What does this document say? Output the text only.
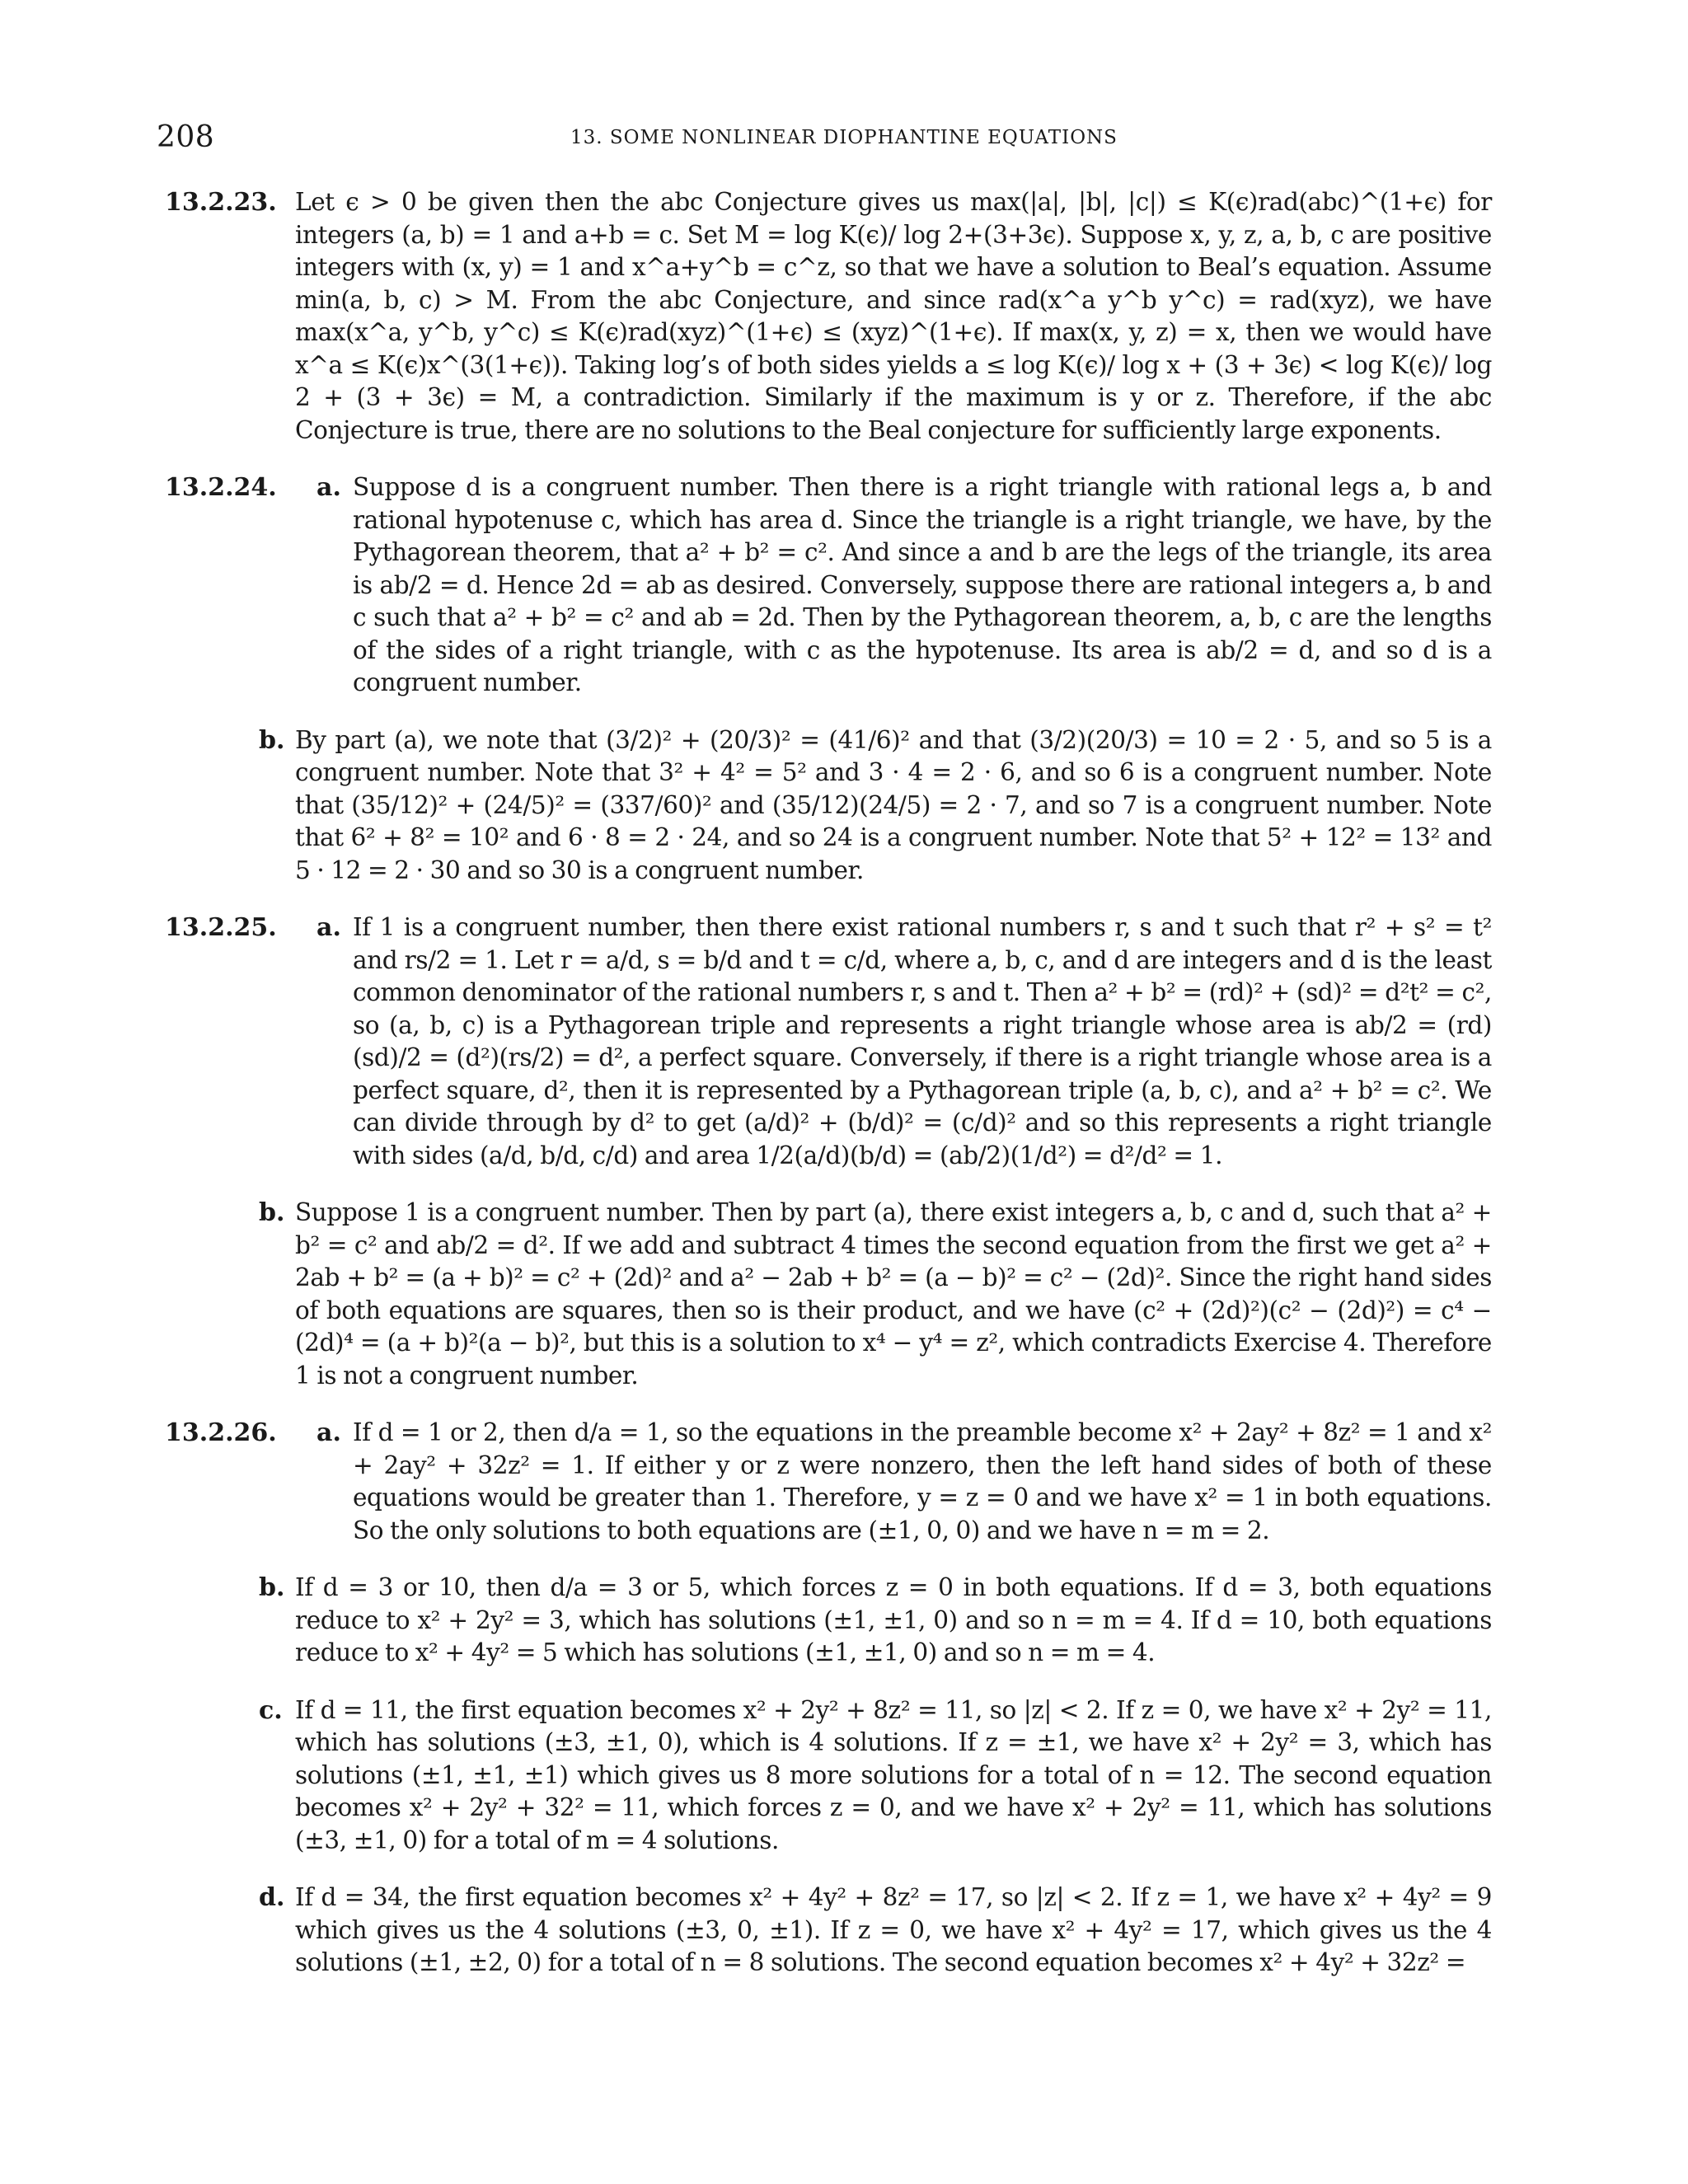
208	13. SOME NONLINEAR DIOPHANTINE EQUATIONS
13.2.23. Let ϵ > 0 be given then the abc Conjecture gives us max(|a|, |b|, |c|) ≤ K(ϵ)rad(abc)^(1+ϵ) for integers (a, b) = 1 and a+b = c. Set M = log K(ϵ)/ log 2+(3+3ϵ). Suppose x, y, z, a, b, c are positive integers with (x, y) = 1 and x^a+y^b = c^z, so that we have a solution to Beal’s equation. Assume min(a, b, c) > M. From the abc Conjecture, and since rad(x^a y^b y^c) = rad(xyz), we have max(x^a, y^b, y^c) ≤ K(ϵ)rad(xyz)^(1+ϵ) ≤ (xyz)^(1+ϵ). If max(x, y, z) = x, then we would have x^a ≤ K(ϵ)x^(3(1+ϵ)). Taking log’s of both sides yields a ≤ log K(ϵ)/ log x + (3 + 3ϵ) < log K(ϵ)/ log 2 + (3 + 3ϵ) = M, a contradiction. Similarly if the maximum is y or z. Therefore, if the abc Conjecture is true, there are no solutions to the Beal conjecture for sufficiently large exponents.

13.2.24.	a. Suppose d is a congruent number. Then there is a right triangle with rational legs a, b and rational hypotenuse c, which has area d. Since the triangle is a right triangle, we have, by the Pythagorean theorem, that a² + b² = c². And since a and b are the legs of the triangle, its area is ab/2 = d. Hence 2d = ab as desired. Conversely, suppose there are rational integers a, b and c such that a² + b² = c² and ab = 2d. Then by the Pythagorean theorem, a, b, c are the lengths of the sides of a right triangle, with c as the hypotenuse. Its area is ab/2 = d, and so d is a congruent number.

b. By part (a), we note that (3/2)² + (20/3)² = (41/6)² and that (3/2)(20/3) = 10 = 2 · 5, and so 5 is a congruent number. Note that 3² + 4² = 5² and 3 · 4 = 2 · 6, and so 6 is a congruent number. Note that (35/12)² + (24/5)² = (337/60)² and (35/12)(24/5) = 2 · 7, and so 7 is a congruent number. Note that 6² + 8² = 10² and 6 · 8 = 2 · 24, and so 24 is a congruent number. Note that 5² + 12² = 13² and 5 · 12 = 2 · 30 and so 30 is a congruent number.

13.2.25.	a. If 1 is a congruent number, then there exist rational numbers r, s and t such that r² + s² = t² and rs/2 = 1. Let r = a/d, s = b/d and t = c/d, where a, b, c, and d are integers and d is the least common denominator of the rational numbers r, s and t. Then a² + b² = (rd)² + (sd)² = d²t² = c², so (a, b, c) is a Pythagorean triple and represents a right triangle whose area is ab/2 = (rd)(sd)/2 = (d²)(rs/2) = d², a perfect square. Conversely, if there is a right triangle whose area is a perfect square, d², then it is represented by a Pythagorean triple (a, b, c), and a² + b² = c². We can divide through by d² to get (a/d)² + (b/d)² = (c/d)² and so this represents a right triangle with sides (a/d, b/d, c/d) and area 1/2(a/d)(b/d) = (ab/2)(1/d²) = d²/d² = 1.

b. Suppose 1 is a congruent number. Then by part (a), there exist integers a, b, c and d, such that a² + b² = c² and ab/2 = d². If we add and subtract 4 times the second equation from the first we get a² + 2ab + b² = (a + b)² = c² + (2d)² and a² − 2ab + b² = (a − b)² = c² − (2d)². Since the right hand sides of both equations are squares, then so is their product, and we have (c² + (2d)²)(c² − (2d)²) = c⁴ − (2d)⁴ = (a + b)²(a − b)², but this is a solution to x⁴ − y⁴ = z², which contradicts Exercise 4. Therefore 1 is not a congruent number.

13.2.26.	a. If d = 1 or 2, then d/a = 1, so the equations in the preamble become x² + 2ay² + 8z² = 1 and x² + 2ay² + 32z² = 1. If either y or z were nonzero, then the left hand sides of both of these equations would be greater than 1. Therefore, y = z = 0 and we have x² = 1 in both equations. So the only solutions to both equations are (±1, 0, 0) and we have n = m = 2.

b. If d = 3 or 10, then d/a = 3 or 5, which forces z = 0 in both equations. If d = 3, both equations reduce to x² + 2y² = 3, which has solutions (±1, ±1, 0) and so n = m = 4. If d = 10, both equations reduce to x² + 4y² = 5 which has solutions (±1, ±1, 0) and so n = m = 4.

c. If d = 11, the first equation becomes x² + 2y² + 8z² = 11, so |z| < 2. If z = 0, we have x² + 2y² = 11, which has solutions (±3, ±1, 0), which is 4 solutions. If z = ±1, we have x² + 2y² = 3, which has solutions (±1, ±1, ±1) which gives us 8 more solutions for a total of n = 12. The second equation becomes x² + 2y² + 32² = 11, which forces z = 0, and we have x² + 2y² = 11, which has solutions (±3, ±1, 0) for a total of m = 4 solutions.

d. If d = 34, the first equation becomes x² + 4y² + 8z² = 17, so |z| < 2. If z = 1, we have x² + 4y² = 9 which gives us the 4 solutions (±3, 0, ±1). If z = 0, we have x² + 4y² = 17, which gives us the 4 solutions (±1, ±2, 0) for a total of n = 8 solutions. The second equation becomes x² + 4y² + 32z² =
